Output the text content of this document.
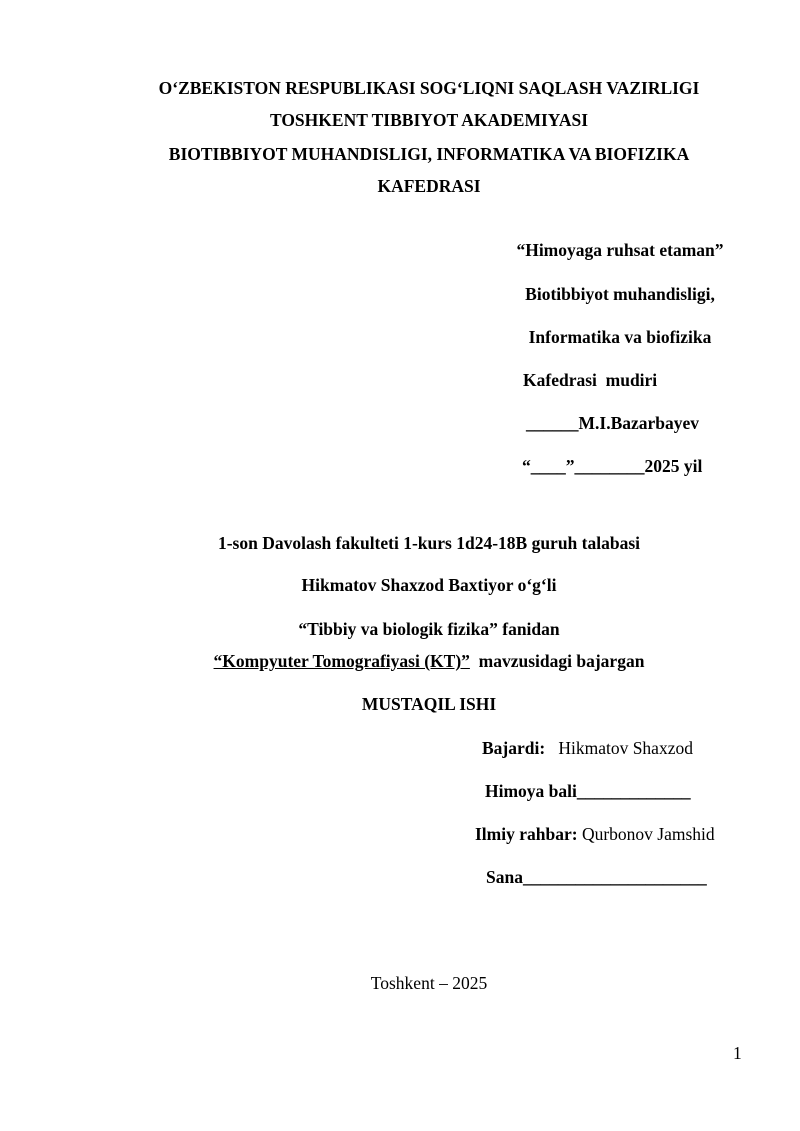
O‘ZBEKISTON RESPUBLIKASI SOG‘LIQNI SAQLASH VAZIRLIGI
TOSHKENT TIBBIYOT AKADEMIYASI
BIOTIBBIYOT MUHANDISLIGI, INFORMATIKA VA BIOFIZIKA
KAFEDRASI
“Himoyaga ruhsat etaman”
Biotibbiyot muhandisligi,
Informatika va biofizika
Kafedrasi  mudiri
______M.I.Bazarbayev
“____”________2025 yil
1-son Davolash fakulteti 1-kurs 1d24-18B guruh talabasi
Hikmatov Shaxzod Baxtiyor o‘g‘li
“Tibbiy va biologik fizika” fanidan
“Kompyuter Tomografiyasi (KT)”  mavzusidagi bajargan
MUSTAQIL ISHI
Bajardi: Hikmatov Shaxzod
Himoya bali_____________
Ilmiy rahbar: Qurbonov Jamshid
Sana_____________________
Toshkent – 2025
1
